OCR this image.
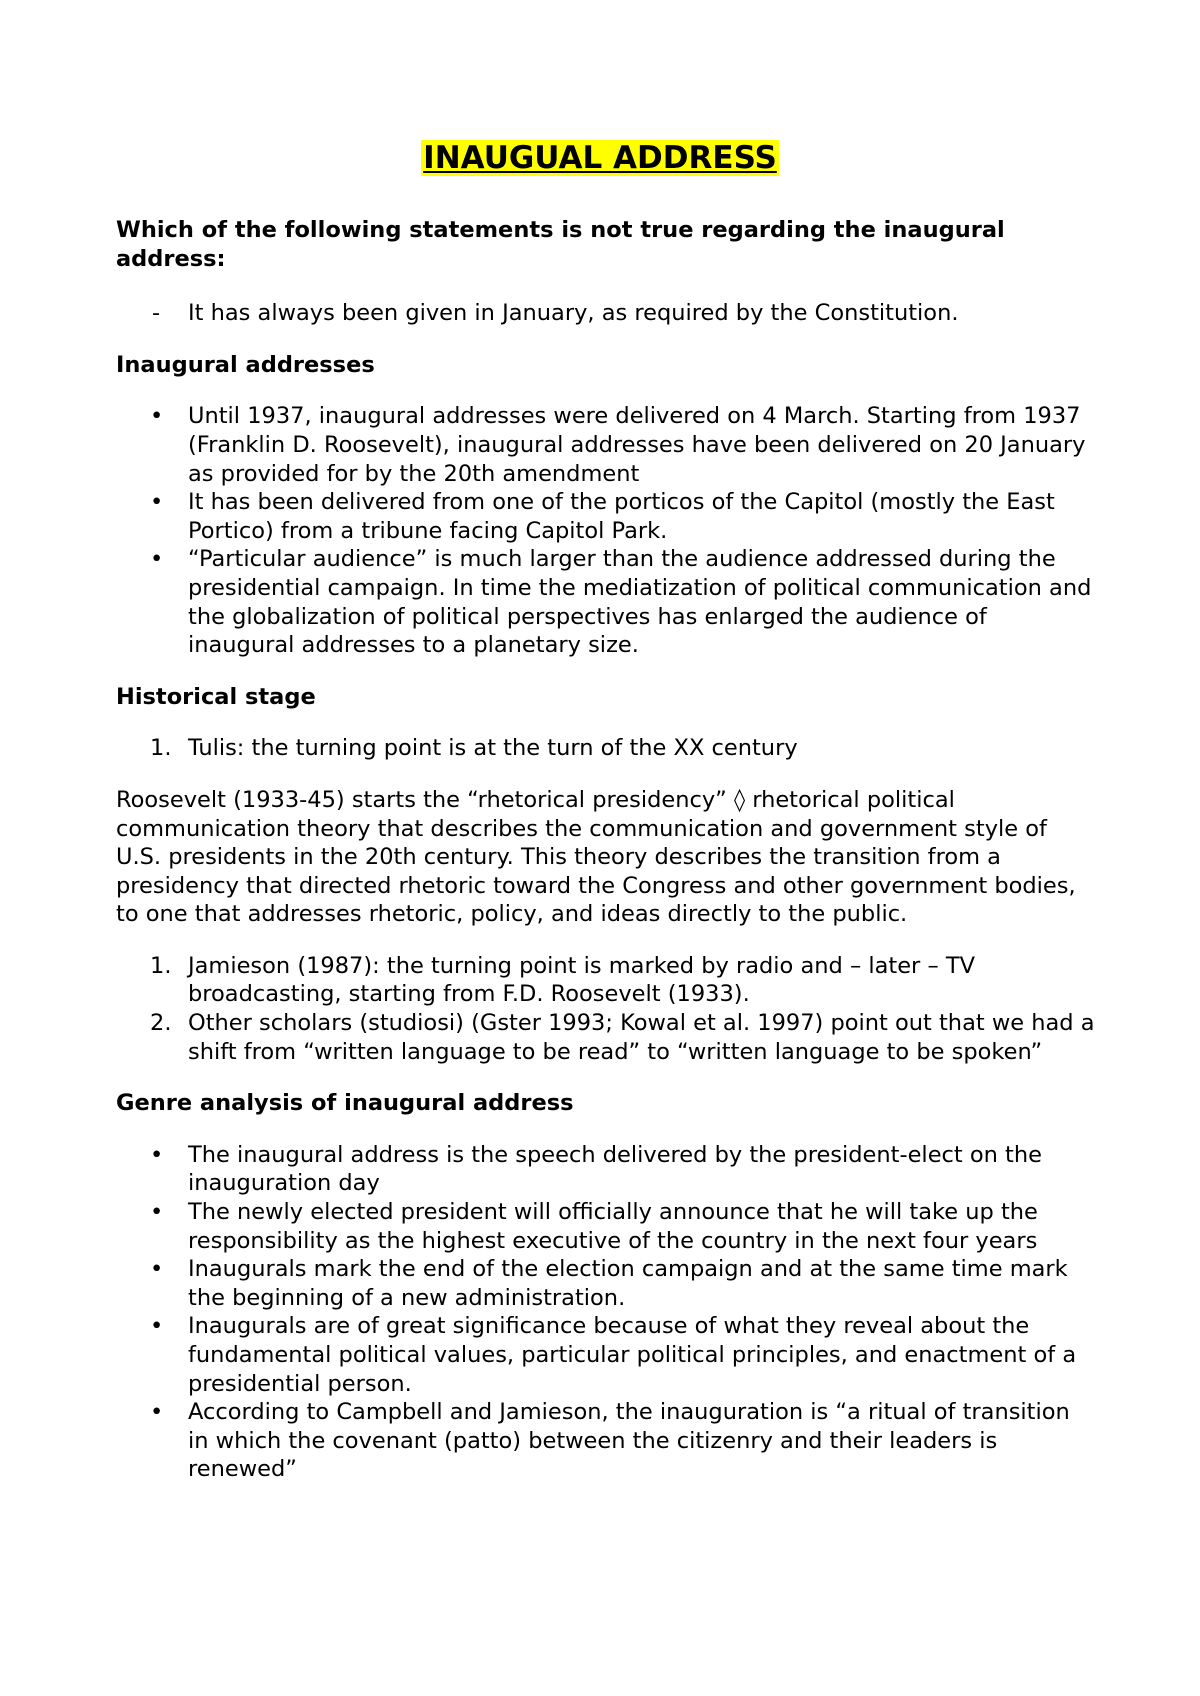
INAUGUAL ADDRESS

Which of the following statements is not true regarding the inaugural address:

- It has always been given in January, as required by the Constitution.

Inaugural addresses

• Until 1937, inaugural addresses were delivered on 4 March. Starting from 1937 (Franklin D. Roosevelt), inaugural addresses have been delivered on 20 January as provided for by the 20th amendment
• It has been delivered from one of the porticos of the Capitol (mostly the East Portico) from a tribune facing Capitol Park.
• “Particular audience” is much larger than the audience addressed during the presidential campaign. In time the mediatization of political communication and the globalization of political perspectives has enlarged the audience of inaugural addresses to a planetary size.

Historical stage

1. Tulis: the turning point is at the turn of the XX century

Roosevelt (1933-45) starts the “rhetorical presidency” ◊ rhetorical political communication theory that describes the communication and government style of U.S. presidents in the 20th century. This theory describes the transition from a presidency that directed rhetoric toward the Congress and other government bodies, to one that addresses rhetoric, policy, and ideas directly to the public.

1. Jamieson (1987): the turning point is marked by radio and – later – TV broadcasting, starting from F.D. Roosevelt (1933).
2. Other scholars (studiosi) (Gster 1993; Kowal et al. 1997) point out that we had a shift from “written language to be read” to “written language to be spoken”

Genre analysis of inaugural address

• The inaugural address is the speech delivered by the president-elect on the inauguration day
• The newly elected president will officially announce that he will take up the responsibility as the highest executive of the country in the next four years
• Inaugurals mark the end of the election campaign and at the same time mark the beginning of a new administration.
• Inaugurals are of great significance because of what they reveal about the fundamental political values, particular political principles, and enactment of a presidential person.
• According to Campbell and Jamieson, the inauguration is “a ritual of transition in which the covenant (patto) between the citizenry and their leaders is renewed”
